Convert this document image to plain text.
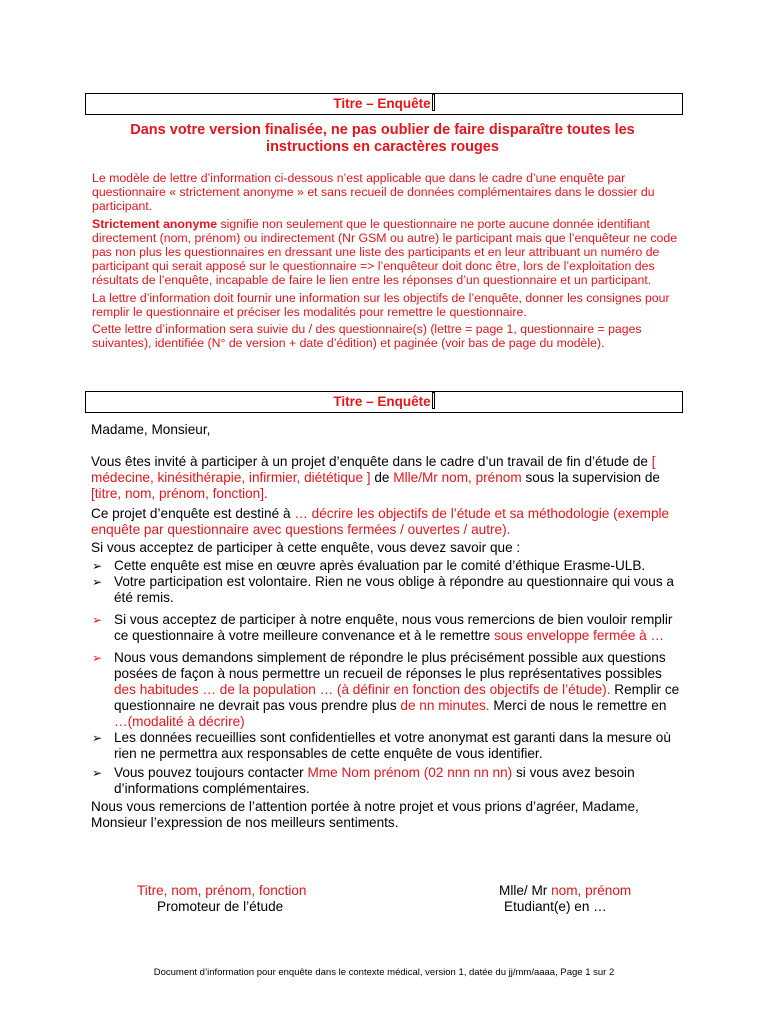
Titre – Enquête
Dans votre version finalisée, ne pas oublier de faire disparaître toutes les instructions en caractères rouges

Le modèle de lettre d’information ci-dessous n’est applicable que dans le cadre d’une enquête par questionnaire « strictement anonyme » et sans recueil de données complémentaires dans le dossier du participant.

Strictement anonyme signifie non seulement que le questionnaire ne porte aucune donnée identifiant directement (nom, prénom) ou indirectement (Nr GSM ou autre) le participant mais que l’enquêteur ne code pas non plus les questionnaires en dressant une liste des participants et en leur attribuant un numéro de participant qui serait apposé sur le questionnaire => l’enquêteur doit donc être, lors de l’exploitation des résultats de l’enquête, incapable de faire le lien entre les réponses d’un questionnaire et un participant.

La lettre d’information doit fournir une information sur les objectifs de l’enquête, donner les consignes pour remplir le questionnaire et préciser les modalités pour remettre le questionnaire.

Cette lettre d’information sera suivie du / des questionnaire(s) (lettre = page 1, questionnaire = pages suivantes), identifiée (N° de version + date d’édition) et paginée (voir bas de page du modèle).

Titre – Enquête

Madame, Monsieur,

Vous êtes invité à participer à un projet d’enquête dans le cadre d’un travail de fin d’étude de [ médecine, kinésithérapie, infirmier, diététique ] de Mlle/Mr nom, prénom sous la supervision de [titre, nom, prénom, fonction].

Ce projet d’enquête est destiné à … décrire les objectifs de l’étude et sa méthodologie (exemple enquête par questionnaire avec questions fermées / ouvertes / autre).

Si vous acceptez de participer à cette enquête, vous devez savoir que :

➢ Cette enquête est mise en œuvre après évaluation par le comité d’éthique Erasme-ULB.
➢ Votre participation est volontaire. Rien ne vous oblige à répondre au questionnaire qui vous a été remis.
➢ Si vous acceptez de participer à notre enquête, nous vous remercions de bien vouloir remplir ce questionnaire à votre meilleure convenance et à le remettre sous enveloppe fermée à …
➢ Nous vous demandons simplement de répondre le plus précisément possible aux questions posées de façon à nous permettre un recueil de réponses le plus représentatives possibles des habitudes … de la population … (à définir en fonction des objectifs de l’étude). Remplir ce questionnaire ne devrait pas vous prendre plus de nn minutes. Merci de nous le remettre en …(modalité à décrire)
➢ Les données recueillies sont confidentielles et votre anonymat est garanti dans la mesure où rien ne permettra aux responsables de cette enquête de vous identifier.
➢ Vous pouvez toujours contacter Mme Nom prénom (02 nnn nn nn) si vous avez besoin d’informations complémentaires.

Nous vous remercions de l’attention portée à notre projet et vous prions d’agréer, Madame, Monsieur l’expression de nos meilleurs sentiments.

Titre, nom, prénom, fonction
Promoteur de l’étude
Mlle/ Mr nom, prénom
Etudiant(e) en …
Document d’information pour enquête dans le contexte médical, version 1, datée du jj/mm/aaaa, Page 1 sur 2
